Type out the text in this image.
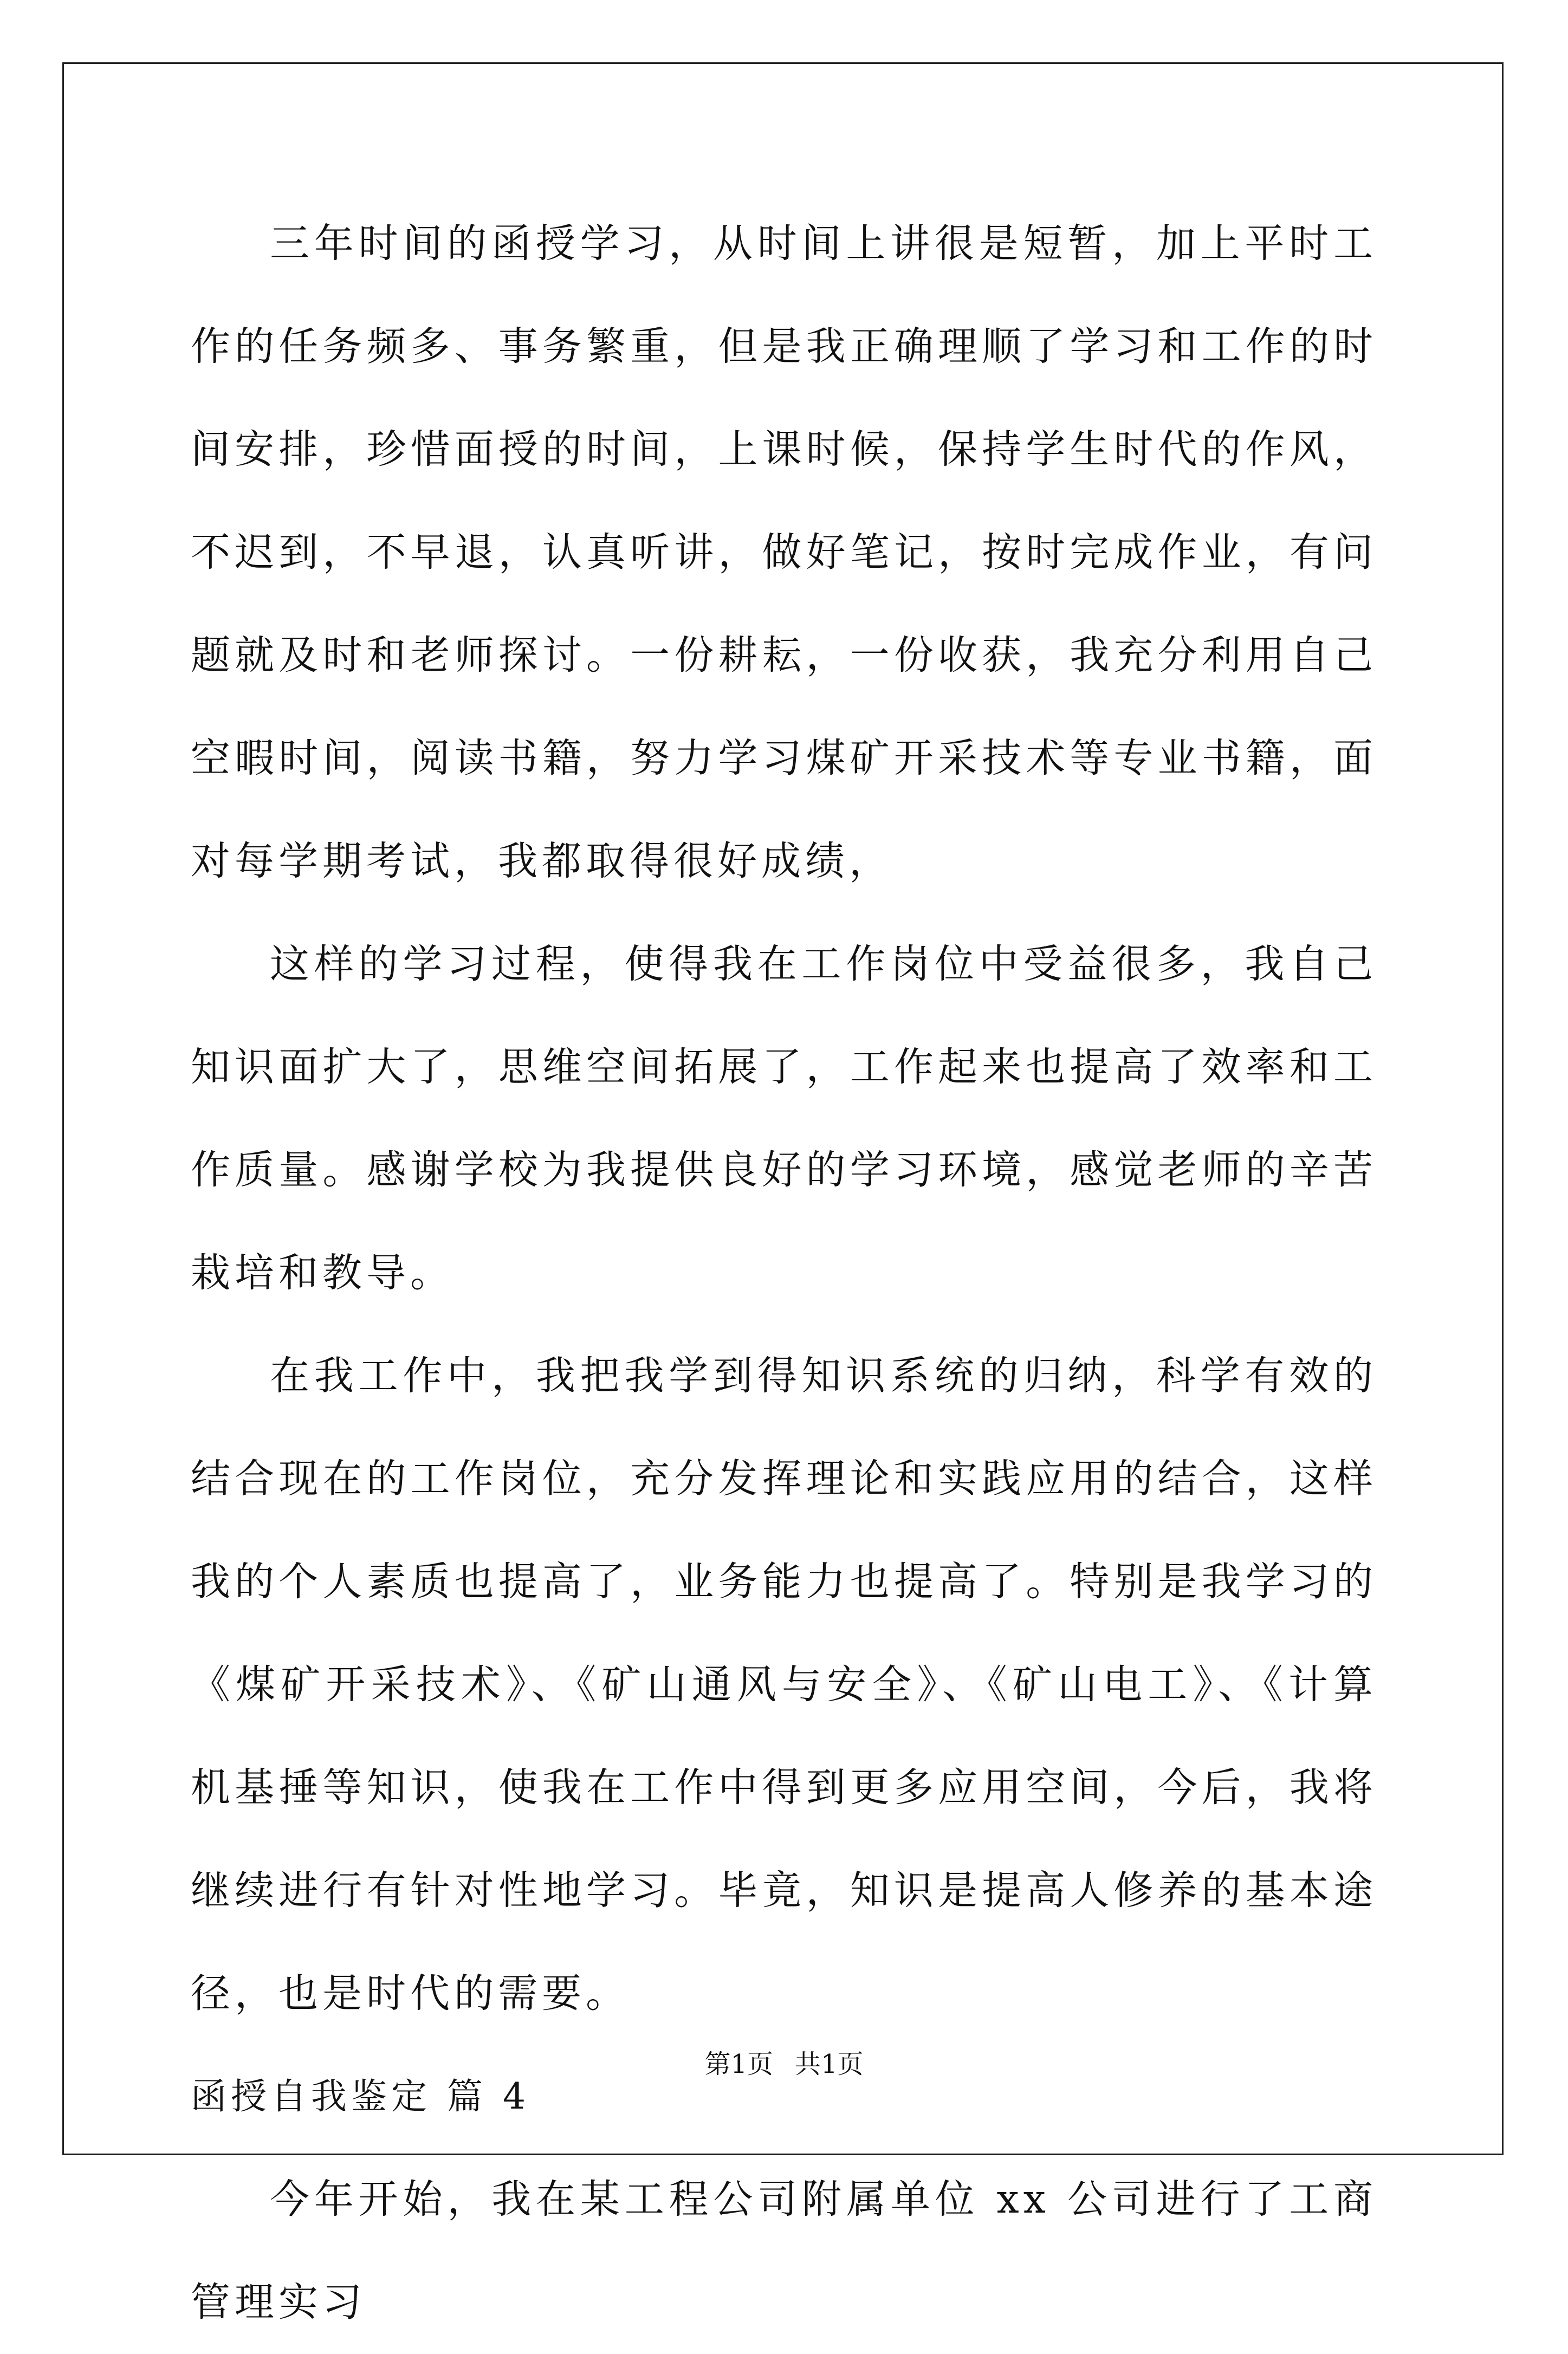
三年时间的函授学习，从时间上讲很是短暂，加上平时工作的任务频多、事务繁重，但是我正确理顺了学习和工作的时间安排，珍惜面授的时间，上课时候，保持学生时代的作风，不迟到，不早退，认真听讲，做好笔记，按时完成作业，有问题就及时和老师探讨。一份耕耘，一份收获，我充分利用自己空暇时间，阅读书籍，努力学习煤矿开采技术等专业书籍，面对每学期考试，我都取得很好成绩，

这样的学习过程，使得我在工作岗位中受益很多，我自己知识面扩大了，思维空间拓展了，工作起来也提高了效率和工作质量。感谢学校为我提供良好的学习环境，感觉老师的辛苦栽培和教导。

在我工作中，我把我学到得知识系统的归纳，科学有效的结合现在的工作岗位，充分发挥理论和实践应用的结合，这样我的个人素质也提高了，业务能力也提高了。特别是我学习的《煤矿开采技术》、《矿山通风与安全》、《矿山电工》、《计算机基捶等知识，使我在工作中得到更多应用空间，今后，我将继续进行有针对性地学习。毕竟，知识是提高人修养的基本途径，也是时代的需要。

函授自我鉴定 篇 4

今年开始，我在某工程公司附属单位 xx 公司进行了工商管理实习

第1页 共1页
